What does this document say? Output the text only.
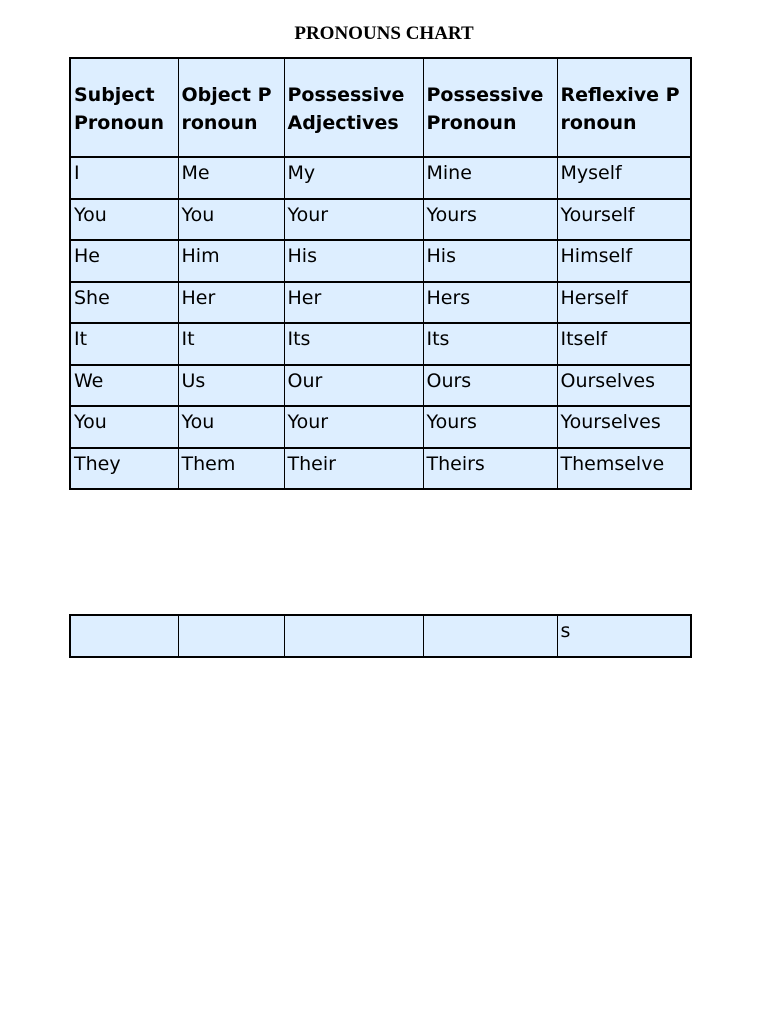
PRONOUNS CHART
Subject Pronoun	Object Pronoun	Possessive Adjectives	Possessive Pronoun	Reflexive Pronoun
I	Me	My	Mine	Myself
You	You	Your	Yours	Yourself
He	Him	His	His	Himself
She	Her	Her	Hers	Herself
It	It	Its	Its	Itself
We	Us	Our	Ours	Ourselves
You	You	Your	Yours	Yourselves
They	Them	Their	Theirs	Themselve
				s
